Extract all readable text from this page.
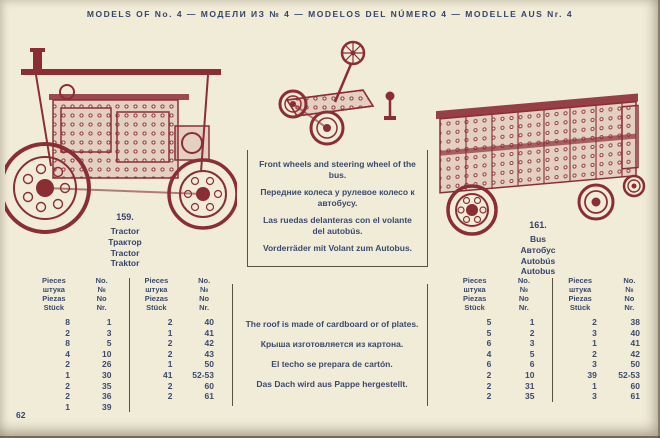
MODELS OF No. 4 — МОДЕЛИ ИЗ № 4 — MODELOS DEL NÚMERO 4 — MODELLE AUS Nr. 4
159.

Tractor

Трактор

Tractor

Traktor

161.

Bus

Автобус

Autobús

Autobus

Front wheels and steering wheel of the bus.

Передние колеса у рулевое колесо к автобусу.

Las ruedas delanteras con el volante del autobús.

Vorderräder mit Volant zum Autobus.

The roof is made of cardboard or of plates.

Крыша изготовляется из картона.

El techo se prepara de cartón.

Das Dach wird aus Pappe hergestellt.

Pieces
штука
Piezas
Stück
No.
№
No
Nr.
8	1
2	3
8	5
4	10
2	26
1	30
2	35
2	36
1	39
Pieces
штука
Piezas
Stück
No.
№
No
Nr.
2	40
1	41
2	42
2	43
1	50
41	52-53
2	60
2	61
Pieces
штука
Piezas
Stück
No.
№
No
Nr.
5	1
5	2
6	3
4	5
6	6
2	10
2	31
2	35
Pieces
штука
Piezas
Stück
No.
№
No
Nr.
2	38
3	40
1	41
2	42
3	50
39	52-53
1	60
3	61
62
